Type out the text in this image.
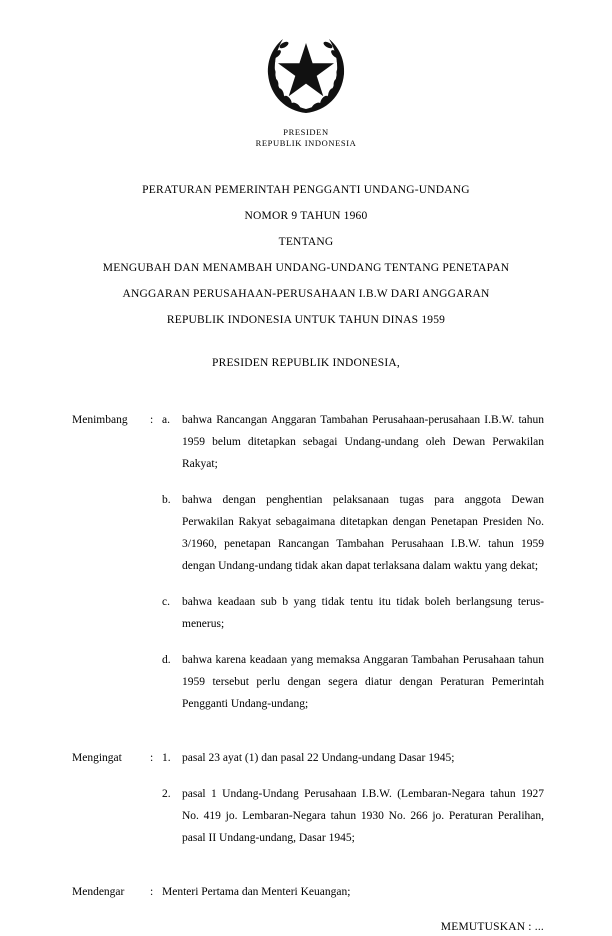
PRESIDEN
REPUBLIK INDONESIA
PERATURAN PEMERINTAH PENGGANTI UNDANG-UNDANG
NOMOR 9 TAHUN 1960
TENTANG
MENGUBAH DAN MENAMBAH UNDANG-UNDANG TENTANG PENETAPAN
ANGGARAN PERUSAHAAN-PERUSAHAAN I.B.W DARI ANGGARAN
REPUBLIK INDONESIA UNTUK TAHUN DINAS 1959
PRESIDEN REPUBLIK INDONESIA,
Menimbang	: a.	bahwa Rancangan Anggaran Tambahan Perusahaan-perusahaan I.B.W. tahun 1959 belum ditetapkan sebagai Undang-undang oleh Dewan Perwakilan Rakyat;
b. bahwa dengan penghentian pelaksanaan tugas para anggota Dewan Perwakilan Rakyat sebagaimana ditetapkan dengan Penetapan Presiden No. 3/1960, penetapan Rancangan Tambahan Perusahaan I.B.W. tahun 1959 dengan Undang-undang tidak akan dapat terlaksana dalam waktu yang dekat;
c.	bahwa keadaan sub b yang tidak tentu itu tidak boleh berlangsung terus-menerus;
d. bahwa karena keadaan yang memaksa Anggaran Tambahan Perusahaan tahun 1959 tersebut perlu dengan segera diatur dengan Peraturan Pemerintah Pengganti Undang-undang;
Mengingat	: 1. pasal 23 ayat (1) dan pasal 22 Undang-undang Dasar 1945;
2. pasal 1 Undang-Undang Perusahaan I.B.W. (Lembaran-Negara tahun 1927 No. 419 jo. Lembaran-Negara tahun 1930 No. 266 jo. Peraturan Peralihan, pasal II Undang-undang, Dasar 1945;
Mendengar	: Menteri Pertama dan Menteri Keuangan;
MEMUTUSKAN : ...
